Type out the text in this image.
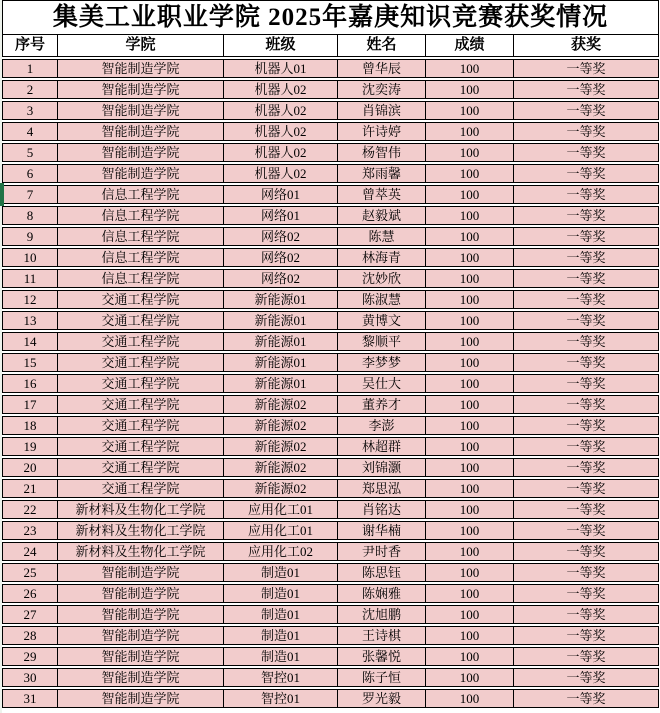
集美工业职业学院 2025年嘉庚知识竞赛获奖情况
序号	学院	班级	姓名	成绩	获奖
1	智能制造学院	机器人01	曾华辰	100	一等奖
2	智能制造学院	机器人02	沈奕涛	100	一等奖
3	智能制造学院	机器人02	肖锦滨	100	一等奖
4	智能制造学院	机器人02	许诗婷	100	一等奖
5	智能制造学院	机器人02	杨智伟	100	一等奖
6	智能制造学院	机器人02	郑雨馨	100	一等奖
7	信息工程学院	网络01	曾萃英	100	一等奖
8	信息工程学院	网络01	赵毅斌	100	一等奖
9	信息工程学院	网络02	陈慧	100	一等奖
10	信息工程学院	网络02	林海青	100	一等奖
11	信息工程学院	网络02	沈妙欣	100	一等奖
12	交通工程学院	新能源01	陈淑慧	100	一等奖
13	交通工程学院	新能源01	黄博文	100	一等奖
14	交通工程学院	新能源01	黎顺平	100	一等奖
15	交通工程学院	新能源01	李梦梦	100	一等奖
16	交通工程学院	新能源01	吴仕大	100	一等奖
17	交通工程学院	新能源02	董养才	100	一等奖
18	交通工程学院	新能源02	李澎	100	一等奖
19	交通工程学院	新能源02	林超群	100	一等奖
20	交通工程学院	新能源02	刘锦灏	100	一等奖
21	交通工程学院	新能源02	郑思泓	100	一等奖
22	新材料及生物化工学院	应用化工01	肖铭达	100	一等奖
23	新材料及生物化工学院	应用化工01	谢华楠	100	一等奖
24	新材料及生物化工学院	应用化工02	尹时香	100	一等奖
25	智能制造学院	制造01	陈思钰	100	一等奖
26	智能制造学院	制造01	陈娴雅	100	一等奖
27	智能制造学院	制造01	沈旭鹏	100	一等奖
28	智能制造学院	制造01	王诗棋	100	一等奖
29	智能制造学院	制造01	张馨悦	100	一等奖
30	智能制造学院	智控01	陈子恒	100	一等奖
31	智能制造学院	智控01	罗光毅	100	一等奖
